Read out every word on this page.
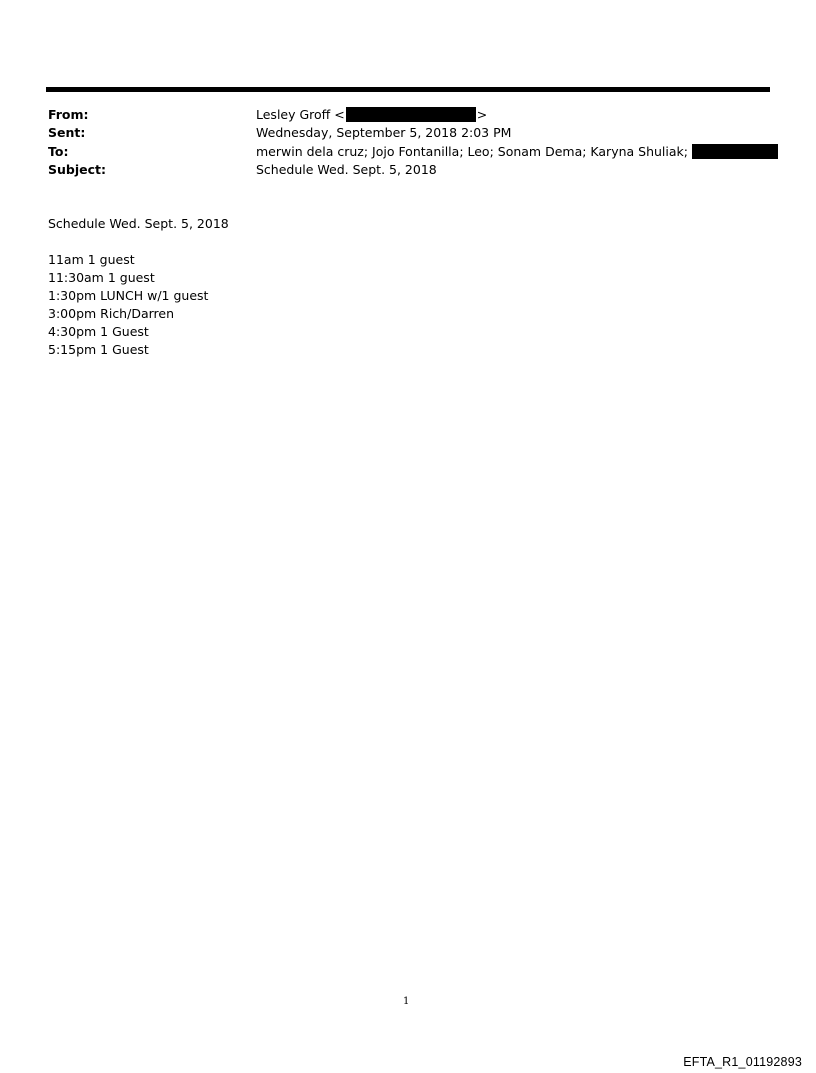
From:	Lesley Groff <	>
Sent:	Wednesday, September 5, 2018 2:03 PM
To:	merwin dela cruz; Jojo Fontanilla; Leo; Sonam Dema; Karyna Shuliak;
Subject:	Schedule Wed. Sept. 5, 2018
Schedule Wed. Sept. 5, 2018
11am 1 guest
11:30am 1 guest
1:30pm LUNCH w/1 guest
3:00pm Rich/Darren
4:30pm 1 Guest
5:15pm 1 Guest
1
EFTA_R1_01192893
